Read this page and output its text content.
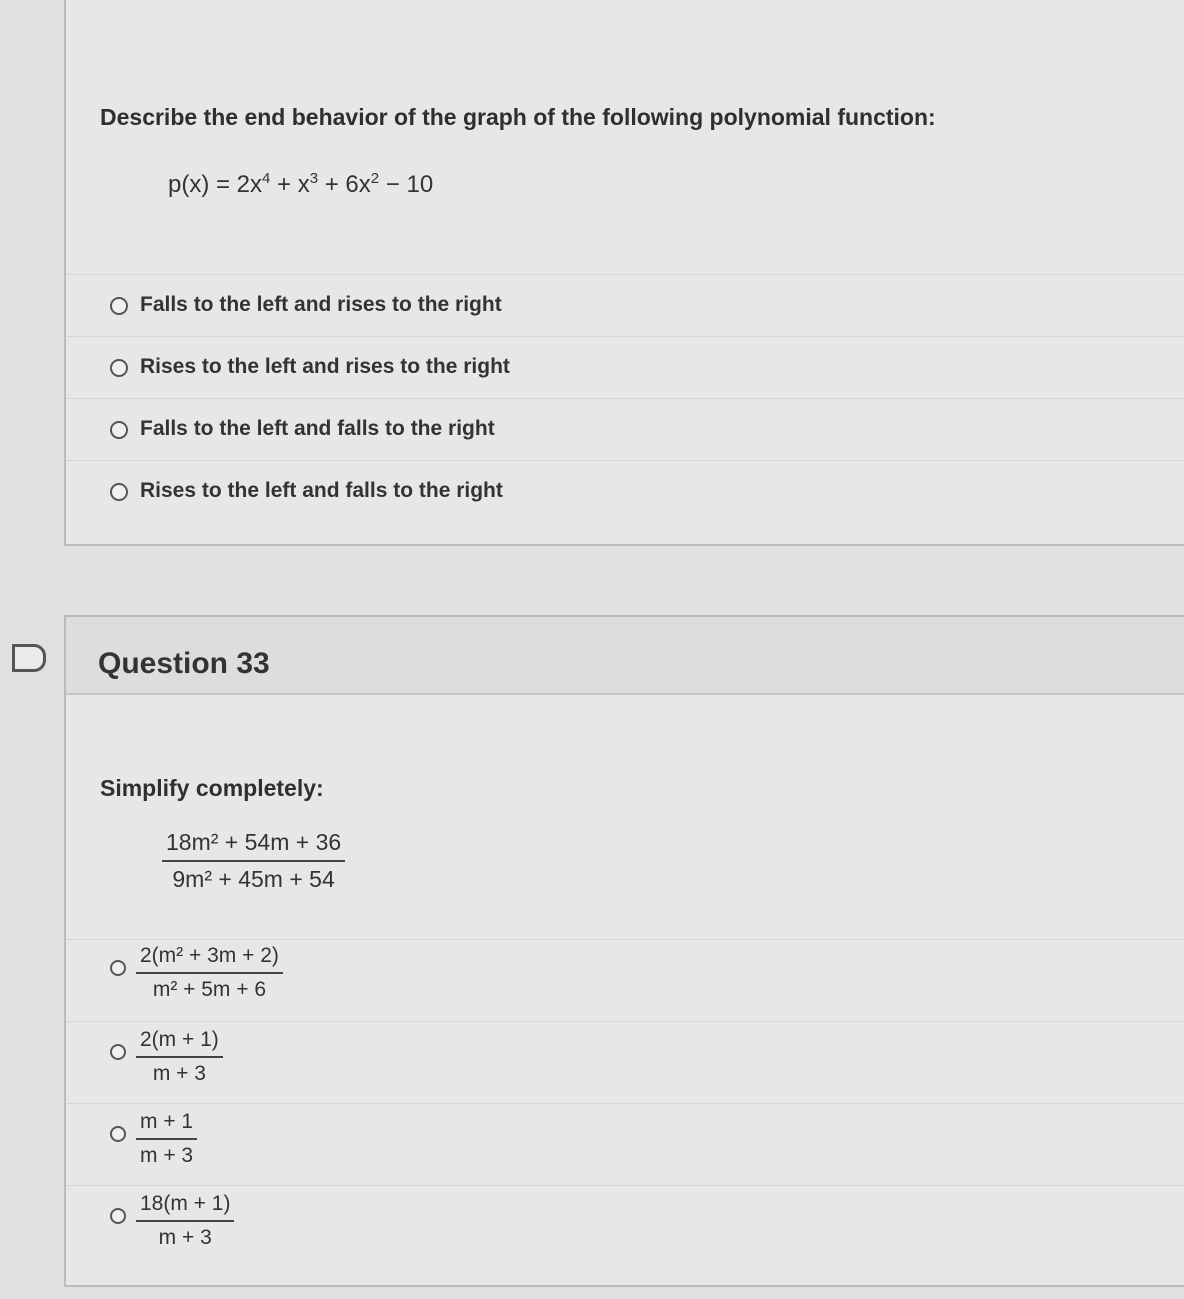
Describe the end behavior of the graph of the following polynomial function:
$p(x) = 2x^4 + x^3 + 6x^2 - 10$
Falls to the left and rises to the right
Rises to the left and rises to the right
Falls to the left and falls to the right
Rises to the left and falls to the right
Question 33
Simplify completely:
$\frac{\text{18m² + 54m + 36}}{\text{9m² + 45m + 54}}$
$\frac{\text{2(m² + 3m + 2)}}{\text{m² + 5m + 6}}$
$\frac{2(m + 1)}{m + 3}$
$\frac{m + 1}{m + 3}$
$\frac{18(m + 1)}{m + 3}$
